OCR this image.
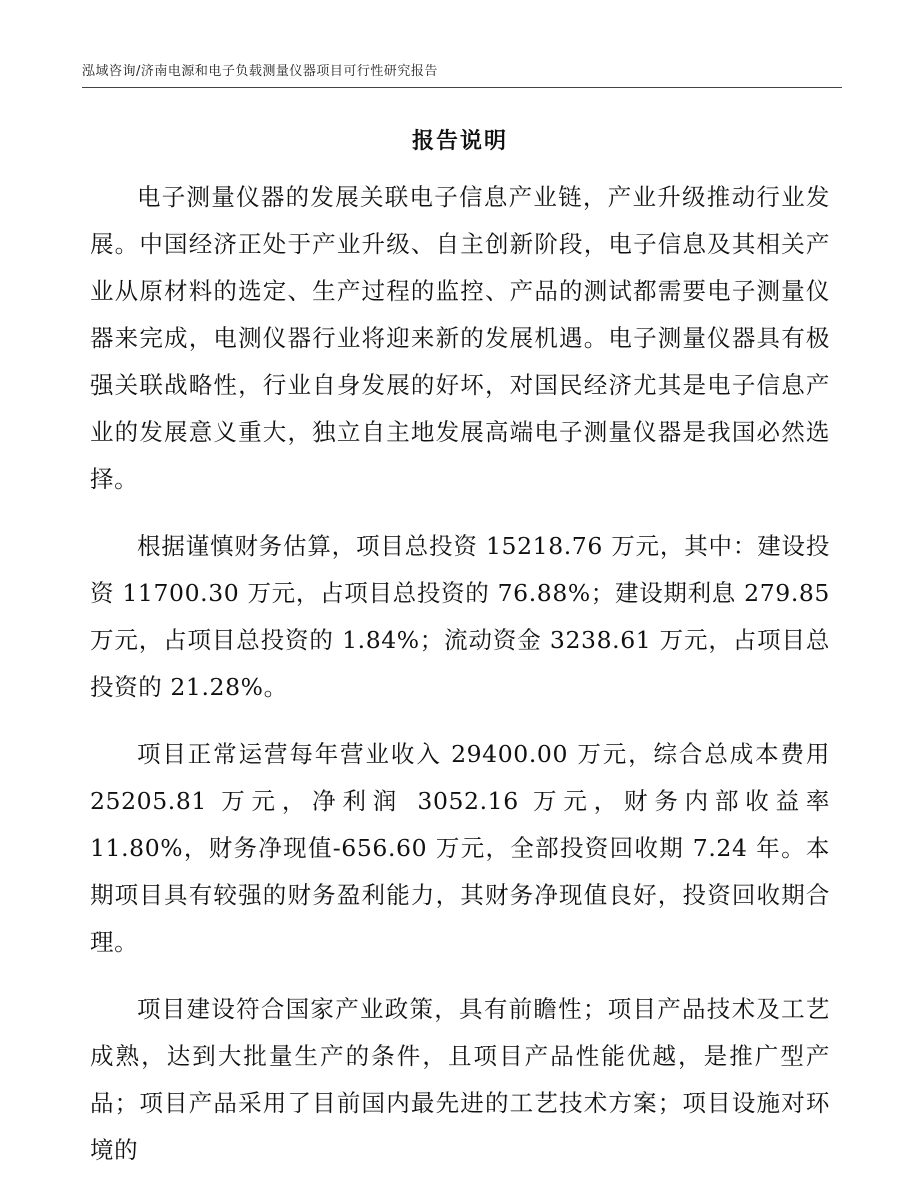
泓域咨询/济南电源和电子负载测量仪器项目可行性研究报告
报告说明

电子测量仪器的发展关联电子信息产业链，产业升级推动行业发展。中国经济正处于产业升级、自主创新阶段，电子信息及其相关产业从原材料的选定、生产过程的监控、产品的测试都需要电子测量仪器来完成，电测仪器行业将迎来新的发展机遇。电子测量仪器具有极强关联战略性，行业自身发展的好坏，对国民经济尤其是电子信息产业的发展意义重大，独立自主地发展高端电子测量仪器是我国必然选择。

根据谨慎财务估算，项目总投资 15218.76 万元，其中：建设投资 11700.30 万元，占项目总投资的 76.88%；建设期利息 279.85 万元，占项目总投资的 1.84%；流动资金 3238.61 万元，占项目总投资的 21.28%。

项目正常运营每年营业收入 29400.00 万元，综合总成本费用 25205.81 万元，净利润 3052.16 万元，财务内部收益率 11.80%，财务净现值-656.60 万元，全部投资回收期 7.24 年。本期项目具有较强的财务盈利能力，其财务净现值良好，投资回收期合理。

项目建设符合国家产业政策，具有前瞻性；项目产品技术及工艺成熟，达到大批量生产的条件，且项目产品性能优越，是推广型产品；项目产品采用了目前国内最先进的工艺技术方案；项目设施对环境的
